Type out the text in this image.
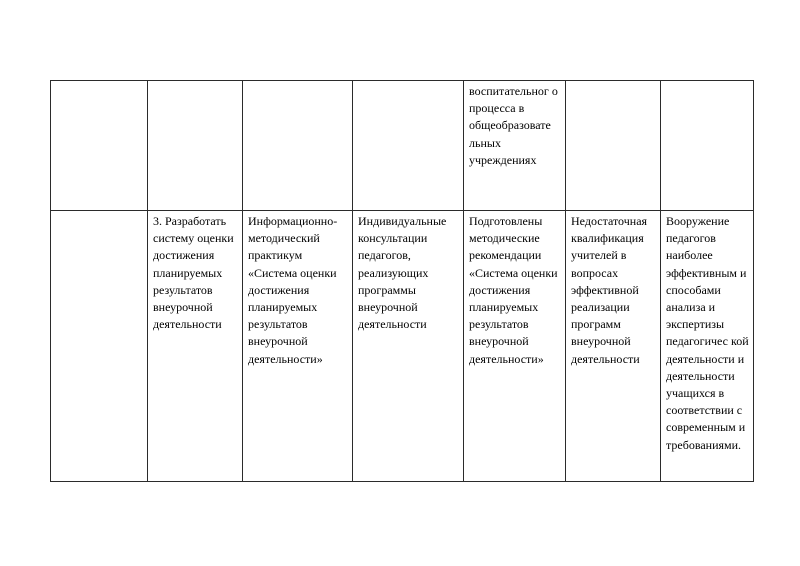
				воспитательног о процесса в общеобразовате льных учреждениях		

	3. Разработать систему оценки достижения планируемых результатов внеурочной деятельности	Информационно-методический практикум «Система оценки достижения планируемых результатов внеурочной деятельности»	Индивидуальные консультации педагогов, реализующих программы внеурочной деятельности	Подготовлены методические рекомендации «Система оценки достижения планируемых результатов внеурочной деятельности»	Недостаточная квалификация учителей в вопросах эффективной реализации программ внеурочной деятельности	Вооружение педагогов наиболее эффективным и способами анализа и экспертизы педагогичес кой деятельности и деятельности учащихся в соответствии с современным и требованиями.
